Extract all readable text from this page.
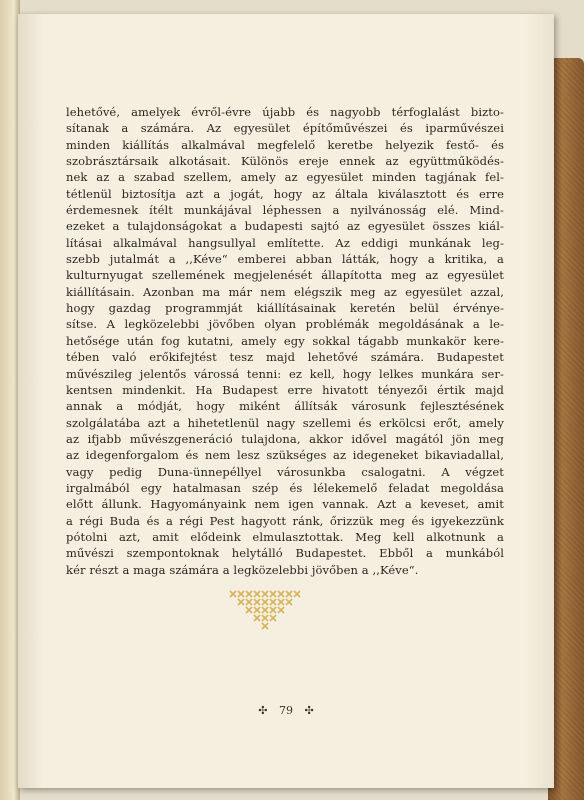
lehetővé, amelyek évről-évre újabb és nagyobb térfoglalást bizto-
sítanak a számára. Az egyesület építőművészei és iparművészei
minden kiállítás alkalmával megfelelő keretbe helyezik festő- és
szobrásztársaik alkotásait. Különös ereje ennek az együttműködés-
nek az a szabad szellem, amely az egyesület minden tagjának fel-
tétlenül biztosítja azt a jogát, hogy az általa kiválasztott és erre
érdemesnek ítélt munkájával léphessen a nyilvánosság elé. Mind-
ezeket a tulajdonságokat a budapesti sajtó az egyesület összes kiál-
lításai alkalmával hangsullyal említette. Az eddigi munkának leg-
szebb jutalmát a ,,Kéve“ emberei abban látták, hogy a kritika, a
kulturnyugat szellemének megjelenését állapította meg az egyesület
kiállításain. Azonban ma már nem elégszik meg az egyesület azzal,
hogy gazdag programmját kiállításainak keretén belül érvénye-
sítse. A legközelebbi jövőben olyan problémák megoldásának a le-
hetősége után fog kutatni, amely egy sokkal tágabb munkakör kere-
tében való erőkifejtést tesz majd lehetővé számára. Budapestet
művészileg jelentős várossá tenni: ez kell, hogy lelkes munkára ser-
kentsen mindenkit. Ha Budapest erre hivatott tényezői értik majd
annak a módját, hogy miként állítsák városunk fejlesztésének
szolgálatába azt a hihetetlenül nagy szellemi és erkölcsi erőt, amely
az ifjabb művészgeneráció tulajdona, akkor idővel magától jön meg
az idegenforgalom és nem lesz szükséges az idegeneket bikaviadallal,
vagy pedig Duna-ünnepéllyel városunkba csalogatni. A végzet
irgalmából egy hatalmasan szép és lélekemelő feladat megoldása
előtt állunk. Hagyományaink nem igen vannak. Azt a keveset, amit
a régi Buda és a régi Pest hagyott ránk, őrizzük meg és igyekezzünk
pótolni azt, amit elődeink elmulasztottak. Meg kell alkotnunk a
művészi szempontoknak helytálló Budapestet. Ebből a munkából
kér részt a maga számára a legközelebbi jövőben a ,,Kéve“.
✣ 79 ✣
